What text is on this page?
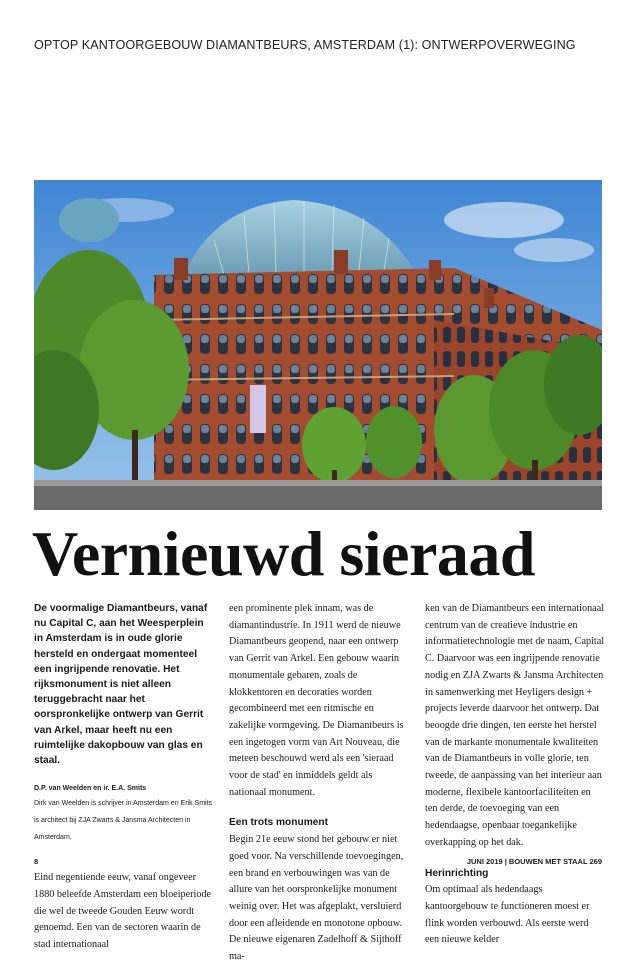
OPTOP KANTOORGEBOUW DIAMANTBEURS, AMSTERDAM (1): ONTWERPOVERWEGING
Vernieuwd sieraad

De voormalige Diamantbeurs, vanaf nu Capital C, aan het Weesperplein in Amsterdam is in oude glorie hersteld en ondergaat momenteel een ingrijpende renovatie. Het rijksmonument is niet alleen teruggebracht naar het oorspronkelijke ontwerp van Gerrit van Arkel, maar heeft nu een ruimtelijke dakopbouw van glas en staal.

D.P. van Weelden en ir. E.A. Smits

Dirk van Weelden is schrijver in Amsterdam en Erik Smits is architect bij ZJA Zwarts & Jansma Architecten in Amsterdam.

Eind negentiende eeuw, vanaf ongeveer 1880 beleefde Amsterdam een bloeiperiode die wel de tweede Gouden Eeuw wordt genoemd. Een van de sectoren waarin de stad internationaal

een prominente plek innam, was de diamantindustrie. In 1911 werd de nieuwe Diamantbeurs geopend, naar een ontwerp van Gerrit van Arkel. Een gebouw waarin monumentale gebaren, zoals de klokkentoren en decoraties worden gecombineerd met een ritmische en zakelijke vormgeving. De Diamantbeurs is een ingetogen vorm van Art Nouveau, die meteen beschouwd werd als een 'sieraad voor de stad' en inmiddels geldt als nationaal monument.

Een trots monument

Begin 21e eeuw stond het gebouw er niet goed voor. Na verschillende toevoegingen, een brand en verbouwingen was van de allure van het oorspronkelijke monument weinig over. Het was afgeplakt, versluierd door een afleidende en monotone opbouw. De nieuwe eigenaren Zadelhoff & Sijthoff ma-

ken van de Diamantbeurs een internationaal centrum van de creatieve industrie en informatietechnologie met de naam, Capital C. Daarvoor was een ingrijpende renovatie nodig en ZJA Zwarts & Jansma Architecten in samenwerking met Heyligers design + projects leverde daarvoor het ontwerp. Dat beoogde drie dingen, ten eerste het herstel van de markante monumentale kwaliteiten van de Diamantbeurs in volle glorie, ten tweede, de aanpassing van het interieur aan moderne, flexibele kantoorfaciliteiten en ten derde, de toevoeging van een hedendaagse, openbaar toegankelijke overkapping op het dak.

Herinrichting

Om optimaal als hedendaags kantoorgebouw te functioneren moest er flink worden verbouwd. Als eerste werd een nieuwe kelder

8	JUNI 2019 | BOUWEN MET STAAL 269
